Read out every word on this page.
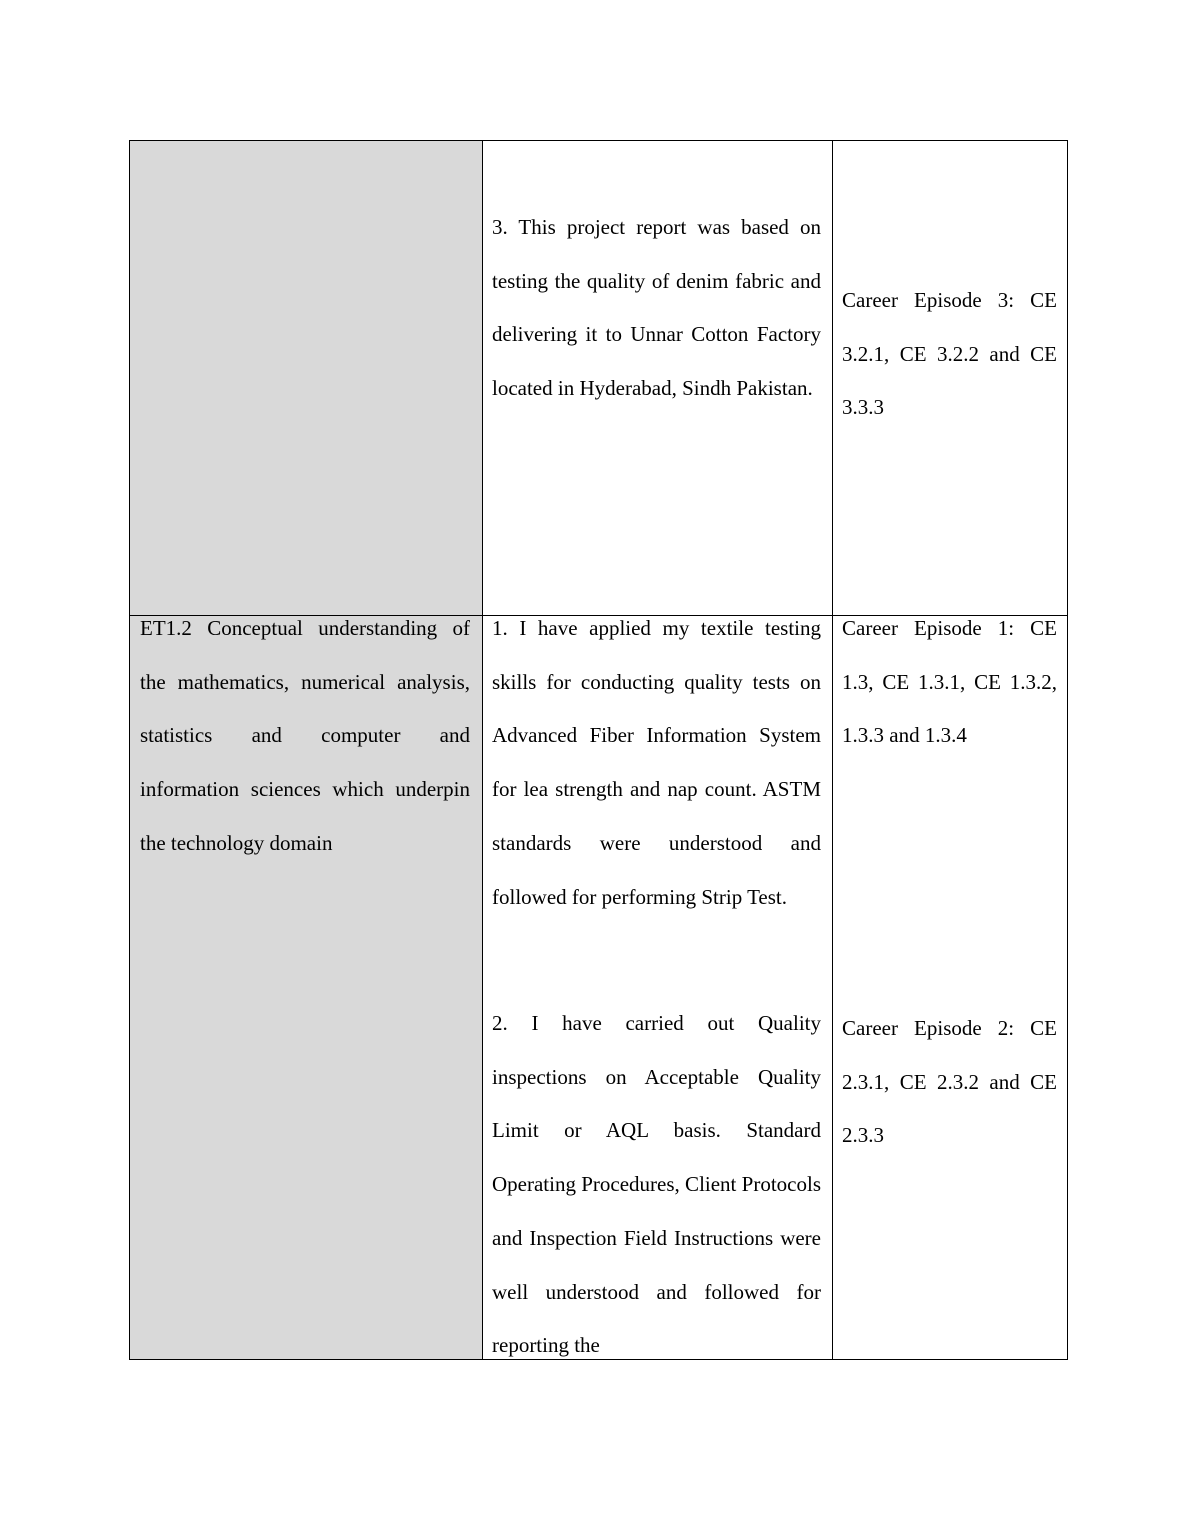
3. This project report was based on testing the quality of denim fabric and delivering it to Unnar Cotton Factory located in Hyderabad, Sindh Pakistan.

Career Episode 3: CE 3.2.1, CE 3.2.2 and CE 3.3.3

ET1.2 Conceptual understanding of the mathematics, numerical analysis, statistics and computer and information sciences which underpin the technology domain

1. I have applied my textile testing skills for conducting quality tests on Advanced Fiber Information System for lea strength and nap count. ASTM standards were understood and followed for performing Strip Test.

Career Episode 1: CE 1.3, CE 1.3.1, CE 1.3.2, 1.3.3 and 1.3.4

2. I have carried out Quality inspections on Acceptable Quality Limit or AQL basis. Standard Operating Procedures, Client Protocols and Inspection Field Instructions were well understood and followed for reporting the

Career Episode 2: CE 2.3.1, CE 2.3.2 and CE 2.3.3
